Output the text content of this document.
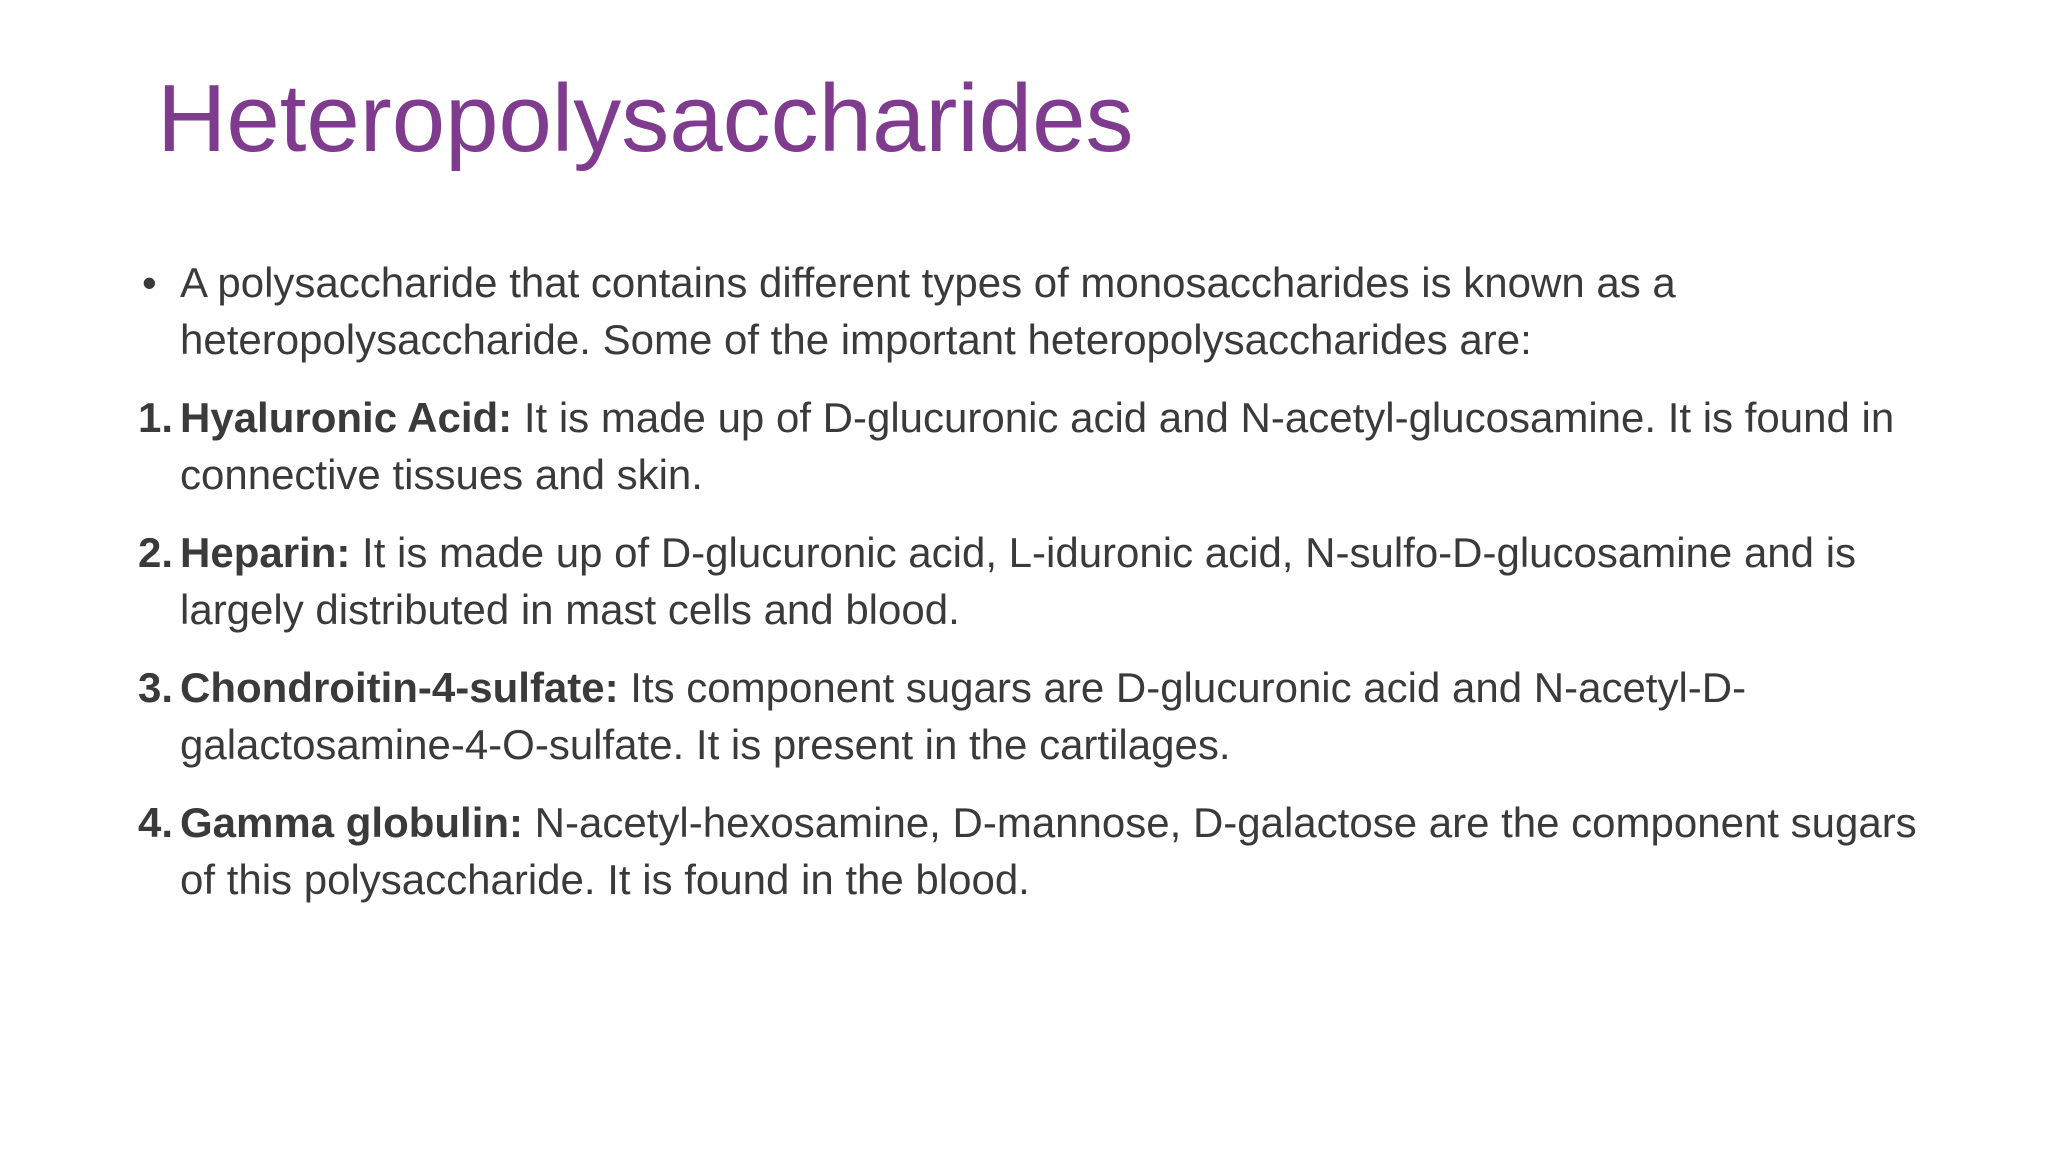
Heteropolysaccharides

• A polysaccharide that contains different types of monosaccharides is known as a heteropolysaccharide. Some of the important heteropolysaccharides are:

1. Hyaluronic Acid: It is made up of D-glucuronic acid and N-acetyl-glucosamine. It is found in connective tissues and skin.

2. Heparin: It is made up of D-glucuronic acid, L-iduronic acid, N-sulfo-D-glucosamine and is largely distributed in mast cells and blood.

3. Chondroitin-4-sulfate: Its component sugars are D-glucuronic acid and N-acetyl-D-galactosamine-4-O-sulfate. It is present in the cartilages.

4. Gamma globulin: N-acetyl-hexosamine, D-mannose, D-galactose are the component sugars of this polysaccharide. It is found in the blood.
